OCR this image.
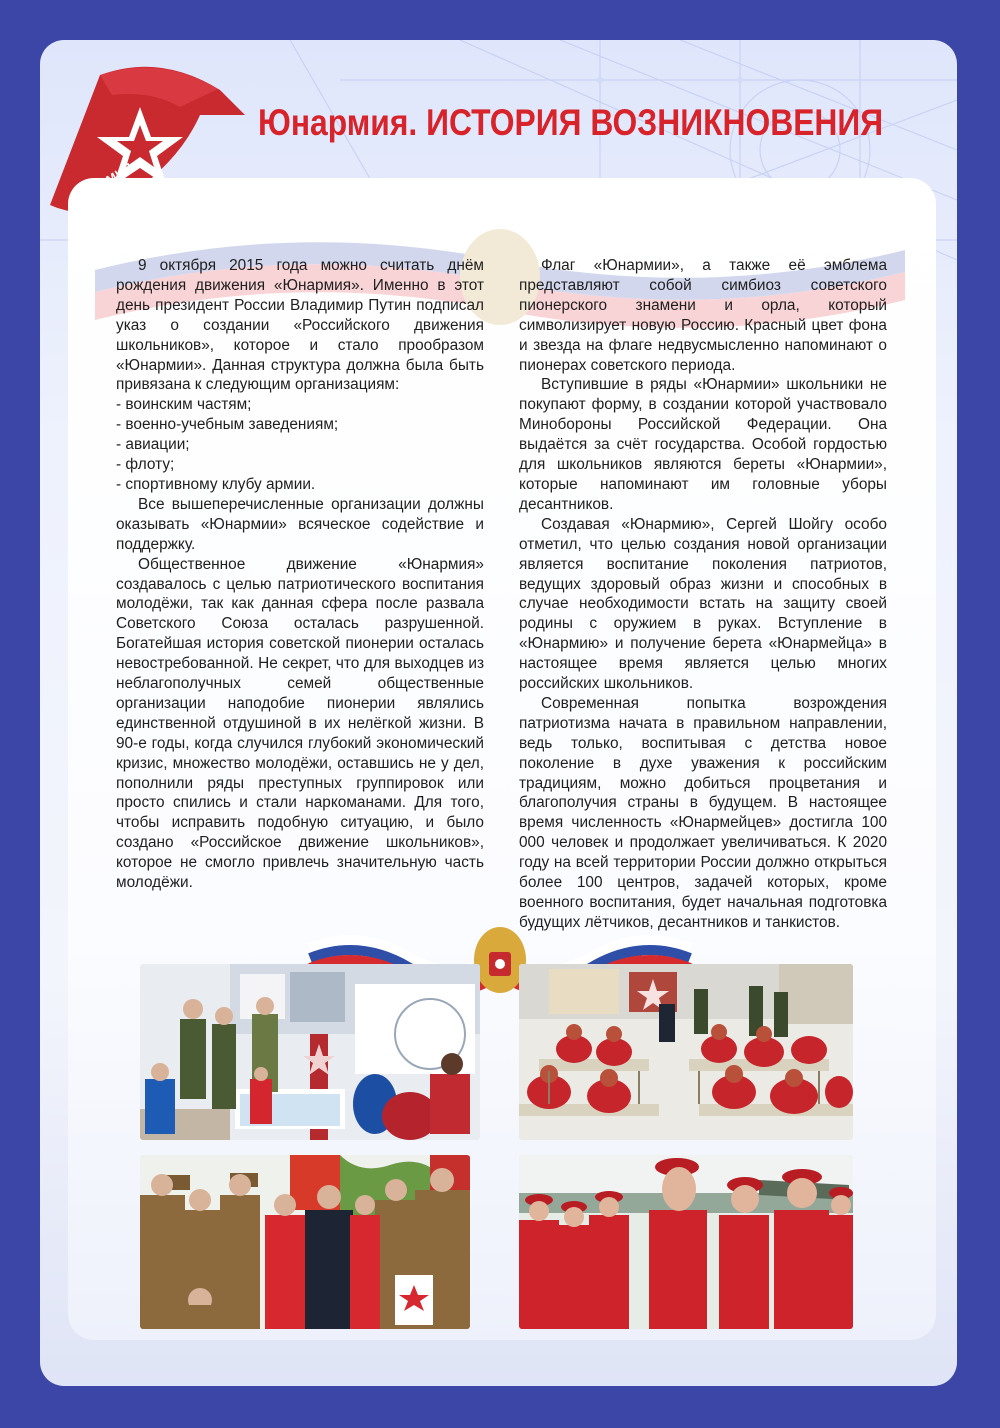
Юнармия. ИСТОРИЯ ВОЗНИКНОВЕНИЯ

9 октября 2015 года можно считать днём рождения движения «Юнармия». Именно в этот день президент России Владимир Путин подписал указ о создании «Российского движения школьников», которое и стало прообразом «Юнармии». Данная структура должна была быть привязана к следующим организациям:

- воинским частям;

- военно-учебным заведениям;

- авиации;

- флоту;

- спортивному клубу армии.

Все вышеперечисленные организации должны оказывать «Юнармии» всяческое содействие и поддержку.

Общественное движение «Юнармия» создавалось с целью патриотического воспитания молодёжи, так как данная сфера после развала Советского Союза осталась разрушенной. Богатейшая история советской пионерии осталась невостребованной. Не секрет, что для выходцев из неблагополучных семей общественные организации наподобие пионерии являлись единственной отдушиной в их нелёгкой жизни. В 90-е годы, когда случился глубокий экономический кризис, множество молодёжи, оставшись не у дел, пополнили ряды преступных группировок или просто спились и стали наркоманами. Для того, чтобы исправить подобную ситуацию, и было создано «Российское движение школьников», которое не смогло привлечь значительную часть молодёжи.

Флаг «Юнармии», а также её эмблема представляют собой симбиоз советского пионерского знамени и орла, который символизирует новую Россию. Красный цвет фона и звезда на флаге недвусмысленно напоминают о пионерах советского периода.

Вступившие в ряды «Юнармии» школьники не покупают форму, в создании которой участвовало Минобороны Российской Федерации. Она выдаётся за счёт государства. Особой гордостью для школьников являются береты «Юнармии», которые напоминают им головные уборы десантников.

Создавая «Юнармию», Сергей Шойгу особо отметил, что целью создания новой организации является воспитание поколения патриотов, ведущих здоровый образ жизни и способных в случае необходимости встать на защиту своей родины с оружием в руках. Вступление в «Юнармию» и получение берета «Юнармейца» в настоящее время является целью многих российских школьников.

Современная попытка возрождения патриотизма начата в правильном направлении, ведь только, воспитывая с детства новое поколение в духе уважения к российским традициям, можно добиться процветания и благополучия страны в будущем. В настоящее время численность «Юнармейцев» достигла 100 000 человек и продолжает увеличиваться. К 2020 году на всей территории России должно открыться более 100 центров, задачей которых, кроме военного воспитания, будет начальная подготовка будущих лётчиков, десантников и танкистов.
